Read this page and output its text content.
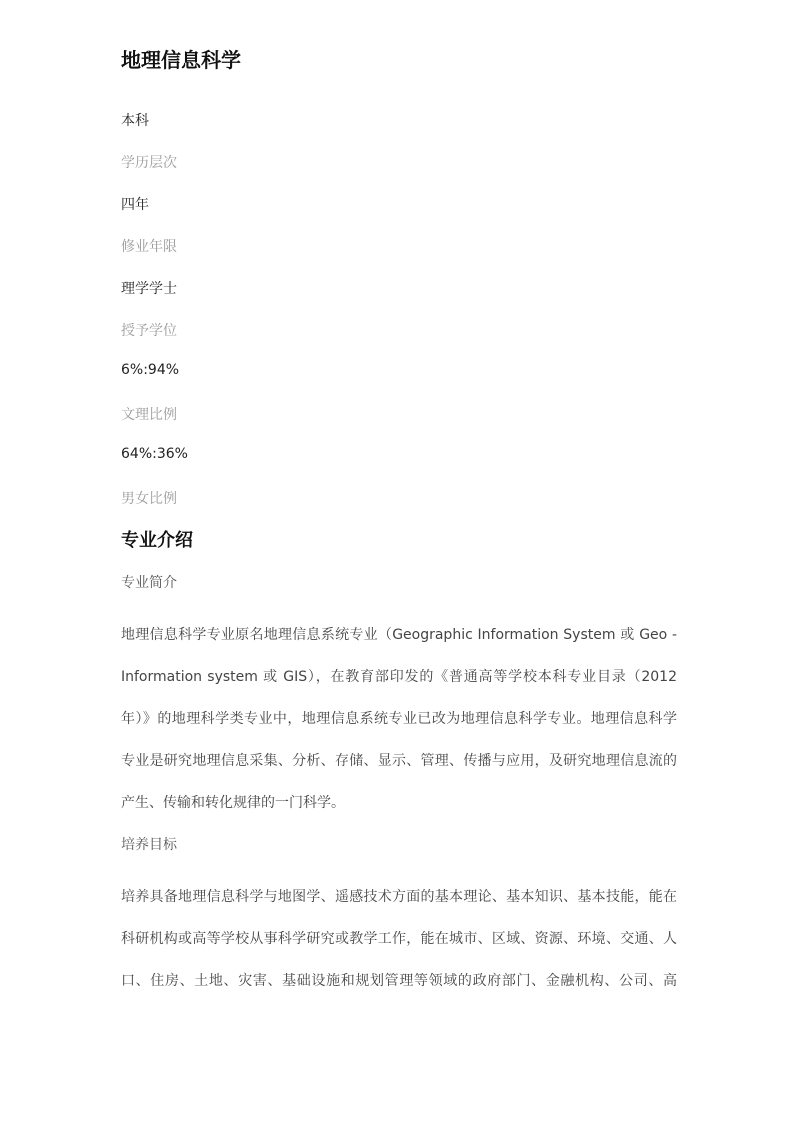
地理信息科学
本科
学历层次
四年
修业年限
理学学士
授予学位
6%:94%
文理比例
64%:36%
男女比例
专业介绍
专业简介
地理信息科学专业原名地理信息系统专业（Geographic Information System 或 Geo -
Information system 或 GIS），在教育部印发的《普通高等学校本科专业目录（2012
年）》的地理科学类专业中，地理信息系统专业已改为地理信息科学专业。地理信息科学
专业是研究地理信息采集、分析、存储、显示、管理、传播与应用，及研究地理信息流的
产生、传输和转化规律的一门科学。
培养目标
培养具备地理信息科学与地图学、遥感技术方面的基本理论、基本知识、基本技能，能在
科研机构或高等学校从事科学研究或教学工作，能在城市、区域、资源、环境、交通、人
口、住房、土地、灾害、基础设施和规划管理等领域的政府部门、金融机构、公司、高
